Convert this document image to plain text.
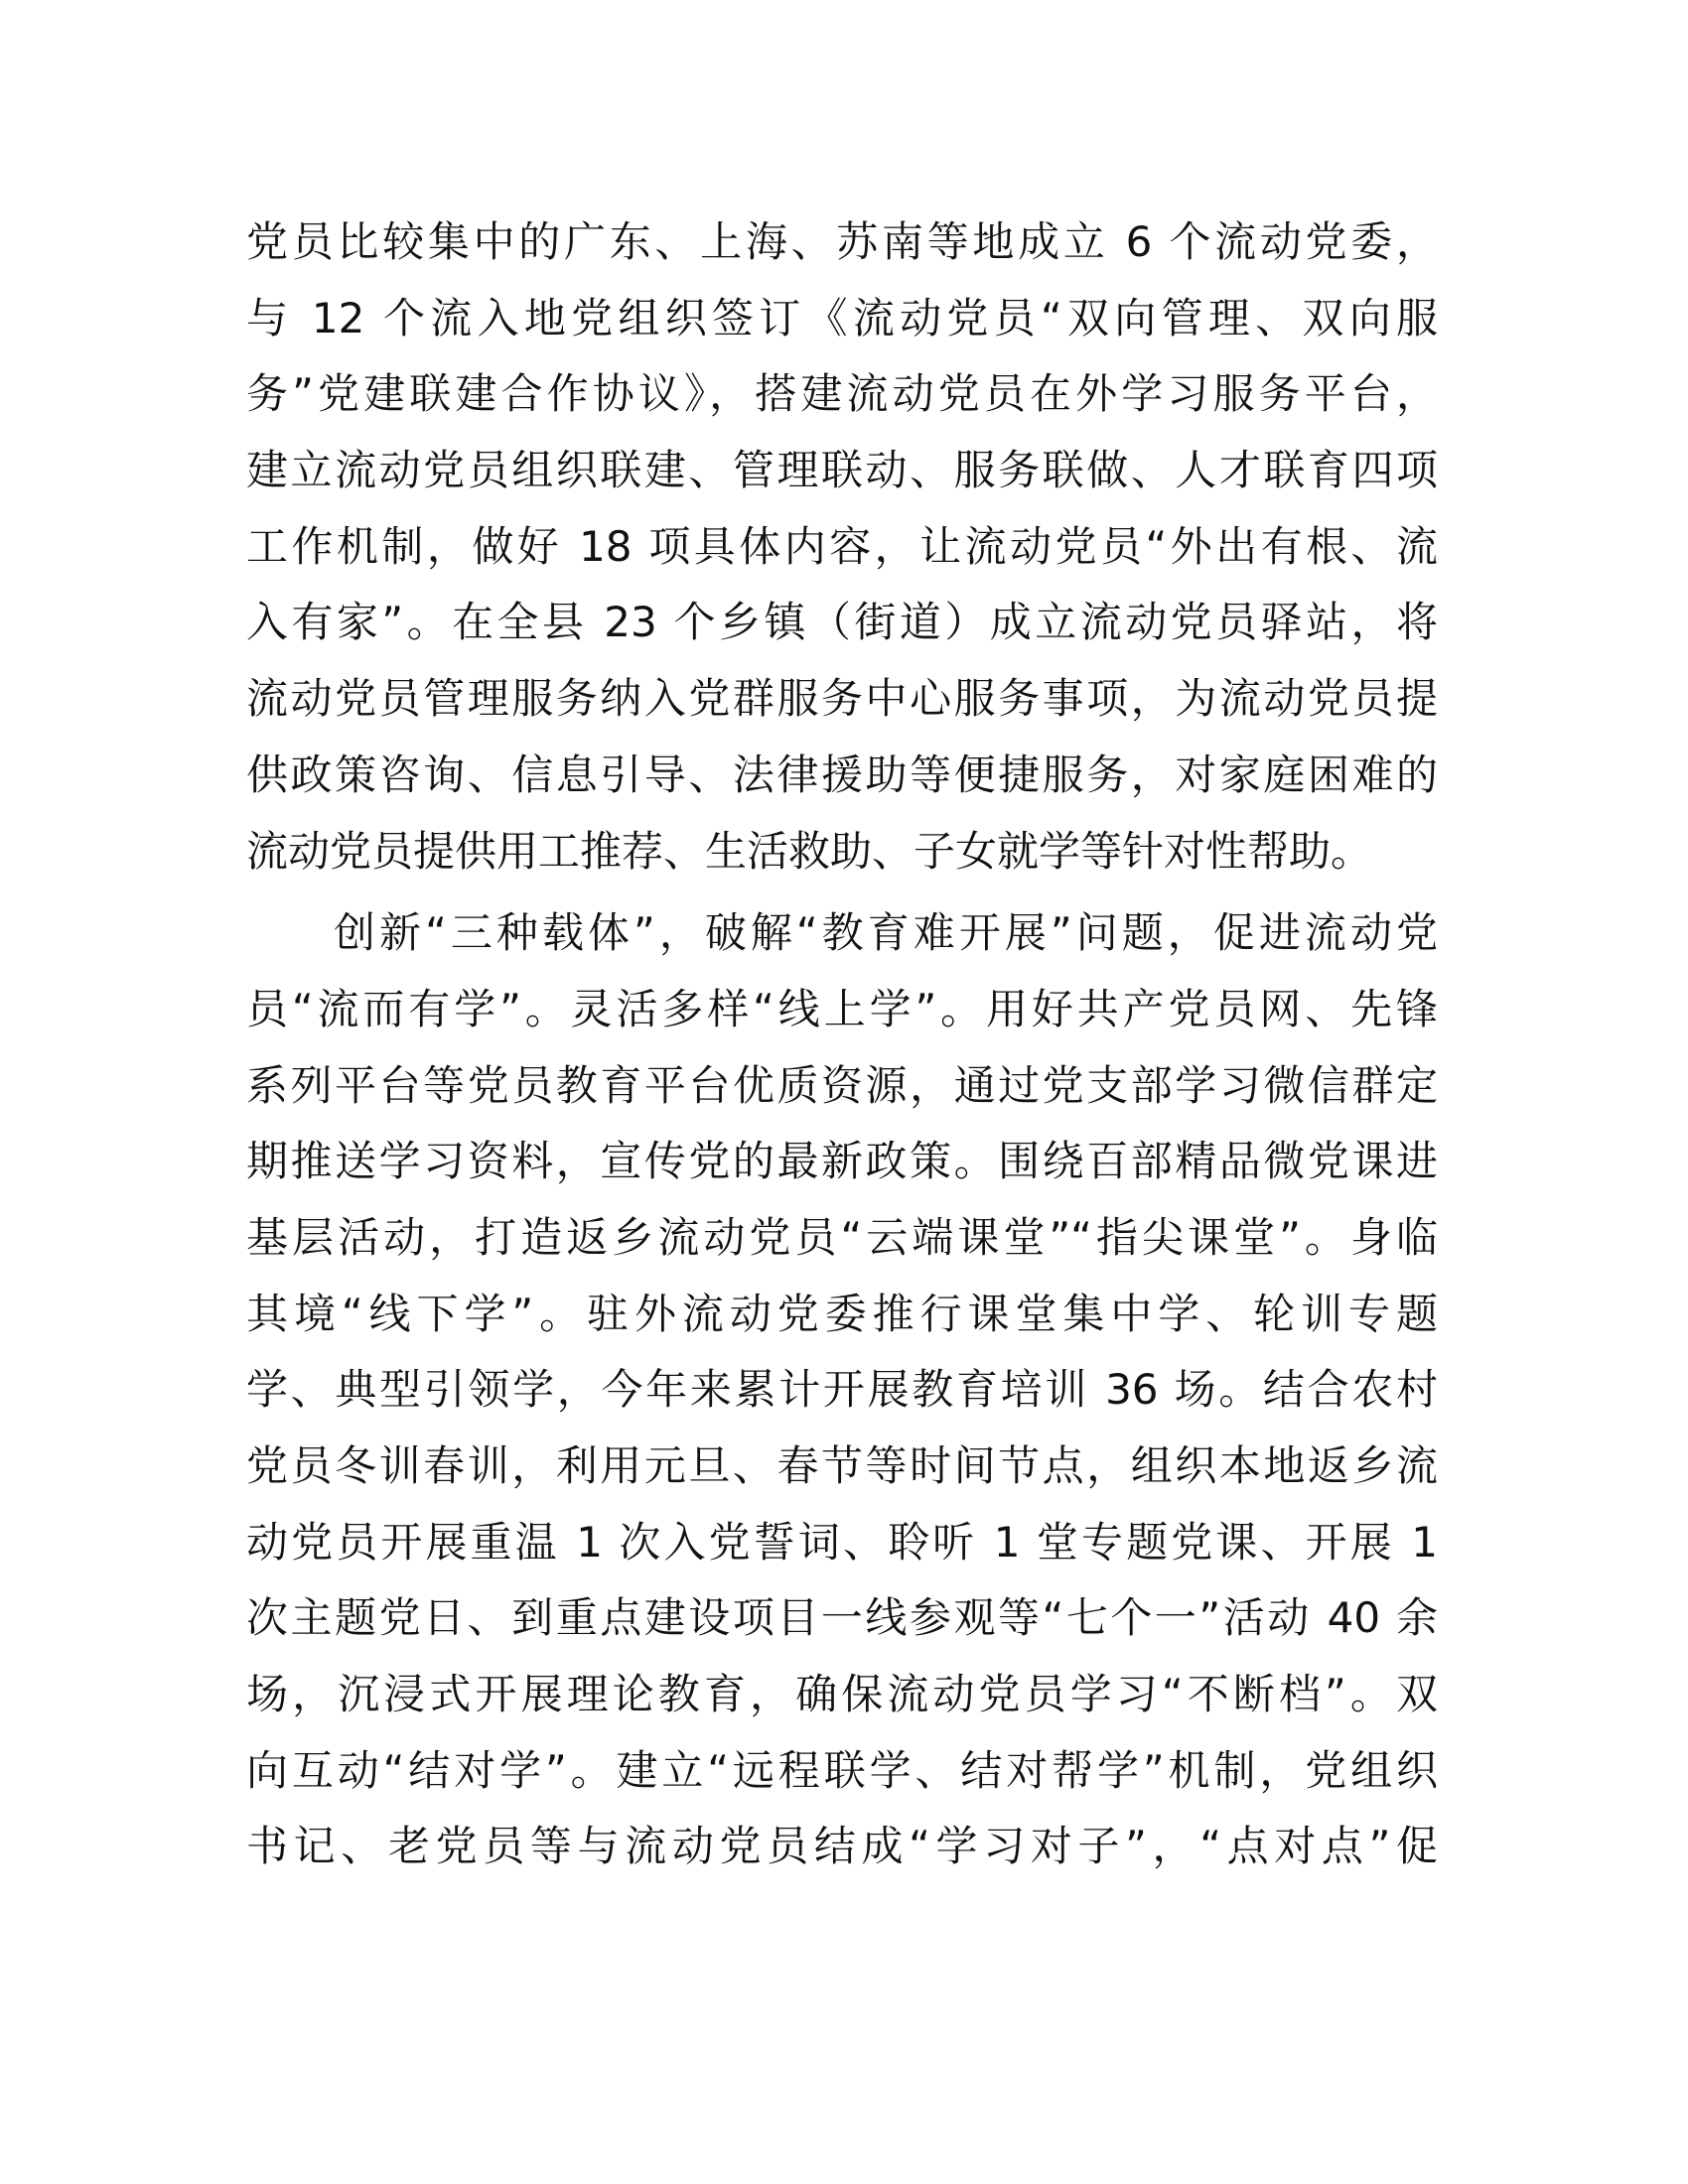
党员比较集中的广东、上海、苏南等地成立 6 个流动党委，
与 12 个流入地党组织签订《流动党员“双向管理、双向服
务”党建联建合作协议》，搭建流动党员在外学习服务平台，
建立流动党员组织联建、管理联动、服务联做、人才联育四项
工作机制，做好 18 项具体内容，让流动党员“外出有根、流
入有家”。在全县 23 个乡镇（街道）成立流动党员驿站，将
流动党员管理服务纳入党群服务中心服务事项，为流动党员提
供政策咨询、信息引导、法律援助等便捷服务，对家庭困难的
流动党员提供用工推荐、生活救助、子女就学等针对性帮助。
创新“三种载体”，破解“教育难开展”问题，促进流动党
员“流而有学”。灵活多样“线上学”。用好共产党员网、先锋
系列平台等党员教育平台优质资源，通过党支部学习微信群定
期推送学习资料，宣传党的最新政策。围绕百部精品微党课进
基层活动，打造返乡流动党员“云端课堂”“指尖课堂”。身临
其境“线下学”。驻外流动党委推行课堂集中学、轮训专题
学、典型引领学，今年来累计开展教育培训 36 场。结合农村
党员冬训春训，利用元旦、春节等时间节点，组织本地返乡流
动党员开展重温 1 次入党誓词、聆听 1 堂专题党课、开展 1
次主题党日、到重点建设项目一线参观等“七个一”活动 40 余
场，沉浸式开展理论教育，确保流动党员学习“不断档”。双
向互动“结对学”。建立“远程联学、结对帮学”机制，党组织
书记、老党员等与流动党员结成“学习对子”，“点对点”促
